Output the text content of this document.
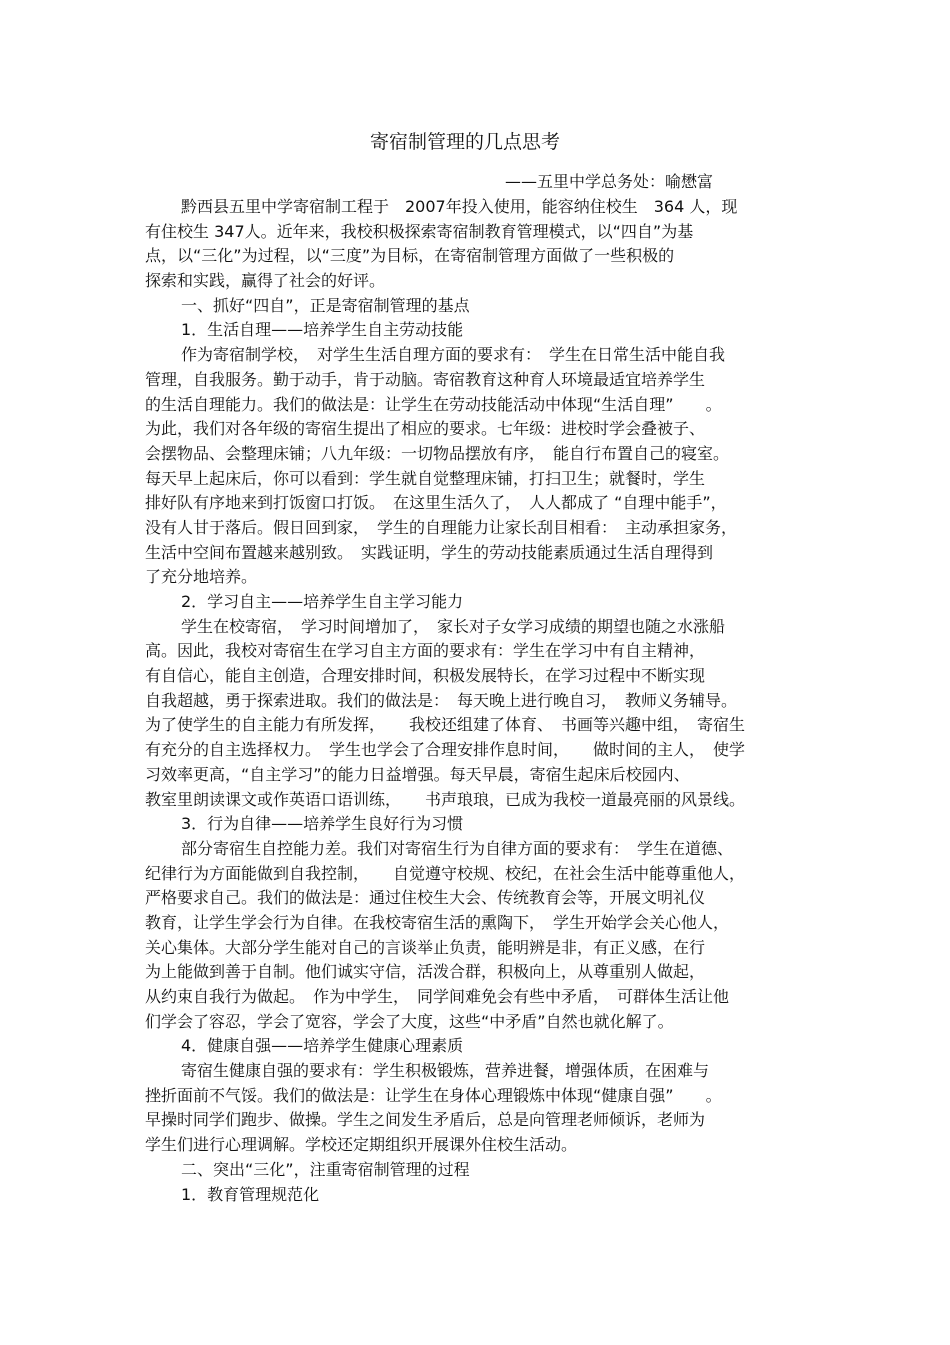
寄宿制管理的几点思考
——五里中学总务处：喻懋富
黔西县五里中学寄宿制工程于　2007年投入使用，能容纳住校生　364 人，现
有住校生 347人。近年来，我校积极探索寄宿制教育管理模式，以“四自”为基
点，以“三化”为过程，以“三度”为目标，在寄宿制管理方面做了一些积极的
探索和实践，赢得了社会的好评。
一、抓好“四自”，正是寄宿制管理的基点
1．生活自理——培养学生自主劳动技能
作为寄宿制学校，　对学生生活自理方面的要求有：　学生在日常生活中能自我
管理，自我服务。勤于动手，肯于动脑。寄宿教育这种育人环境最适宜培养学生
的生活自理能力。我们的做法是：让学生在劳动技能活动中体现“生活自理”　　。
为此，我们对各年级的寄宿生提出了相应的要求。七年级：进校时学会叠被子、
会摆物品、会整理床铺；八九年级：一切物品摆放有序，　能自行布置自己的寝室。
每天早上起床后，你可以看到：学生就自觉整理床铺，打扫卫生；就餐时，学生
排好队有序地来到打饭窗口打饭。　在这里生活久了，　人人都成了 “自理中能手”，
没有人甘于落后。假日回到家，　学生的自理能力让家长刮目相看：　主动承担家务，
生活中空间布置越来越别致。　实践证明，学生的劳动技能素质通过生活自理得到
了充分地培养。
2．学习自主——培养学生自主学习能力
学生在校寄宿，　学习时间增加了，　家长对子女学习成绩的期望也随之水涨船
高。因此，我校对寄宿生在学习自主方面的要求有：学生在学习中有自主精神，
有自信心，能自主创造，合理安排时间，积极发展特长，在学习过程中不断实现
自我超越，勇于探索进取。我们的做法是：　每天晚上进行晚自习，　教师义务辅导。
为了使学生的自主能力有所发挥，　　我校还组建了体育、　书画等兴趣中组，　寄宿生
有充分的自主选择权力。　学生也学会了合理安排作息时间，　　做时间的主人，　使学
习效率更高，“自主学习”的能力日益增强。每天早晨，寄宿生起床后校园内、
教室里朗读课文或作英语口语训练，　　书声琅琅，已成为我校一道最亮丽的风景线。
3．行为自律——培养学生良好行为习惯
部分寄宿生自控能力差。我们对寄宿生行为自律方面的要求有：　学生在道德、
纪律行为方面能做到自我控制，　　自觉遵守校规、校纪，在社会生活中能尊重他人，
严格要求自己。我们的做法是：通过住校生大会、传统教育会等，开展文明礼仪
教育，让学生学会行为自律。在我校寄宿生活的熏陶下，　学生开始学会关心他人，
关心集体。大部分学生能对自己的言谈举止负责，能明辨是非，有正义感，在行
为上能做到善于自制。他们诚实守信，活泼合群，积极向上，从尊重别人做起，
从约束自我行为做起。　作为中学生，　同学间难免会有些中矛盾，　可群体生活让他
们学会了容忍，学会了宽容，学会了大度，这些“中矛盾”自然也就化解了。
4．健康自强——培养学生健康心理素质
寄宿生健康自强的要求有：学生积极锻炼，营养进餐，增强体质，在困难与
挫折面前不气馁。我们的做法是：让学生在身体心理锻炼中体现“健康自强”　　。
早操时同学们跑步、做操。学生之间发生矛盾后，总是向管理老师倾诉，老师为
学生们进行心理调解。学校还定期组织开展课外住校生活动。
二、突出“三化”，注重寄宿制管理的过程
1．教育管理规范化
